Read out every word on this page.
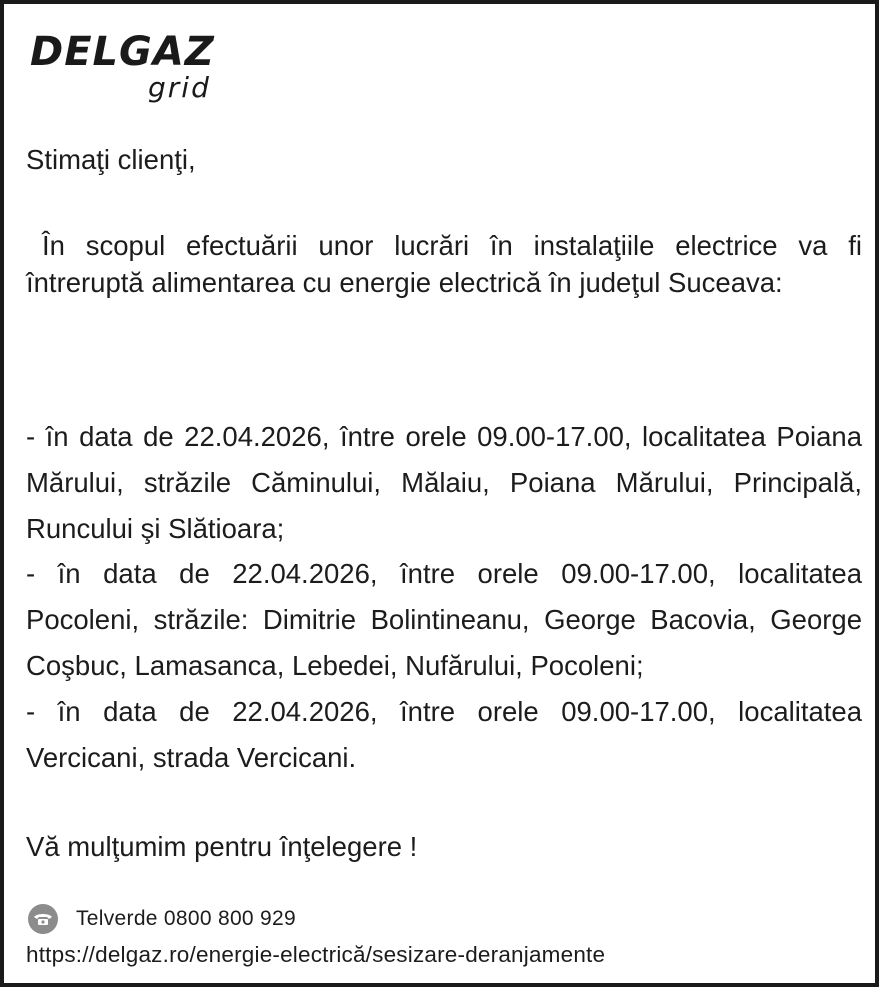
DELGAZ
grid

Stimaţi clienţi,

În scopul efectuării unor lucrări în instalaţiile electrice va fi întreruptă alimentarea cu energie electrică în judeţul Suceava:

- în data de 22.04.2026, între orele 09.00-17.00, localitatea Poiana Mărului, străzile Căminului, Mălaiu, Poiana Mărului, Principală, Runcului şi Slătioara;
- în data de 22.04.2026, între orele 09.00-17.00, localitatea Pocoleni, străzile: Dimitrie Bolintineanu, George Bacovia, George Coşbuc, Lamasanca, Lebedei, Nufărului, Pocoleni;
- în data de 22.04.2026, între orele 09.00-17.00, localitatea Vercicani, strada Vercicani.

Vă mulţumim pentru înţelegere !

Telverde 0800 800 929
https://delgaz.ro/energie-electrică/sesizare-deranjamente
